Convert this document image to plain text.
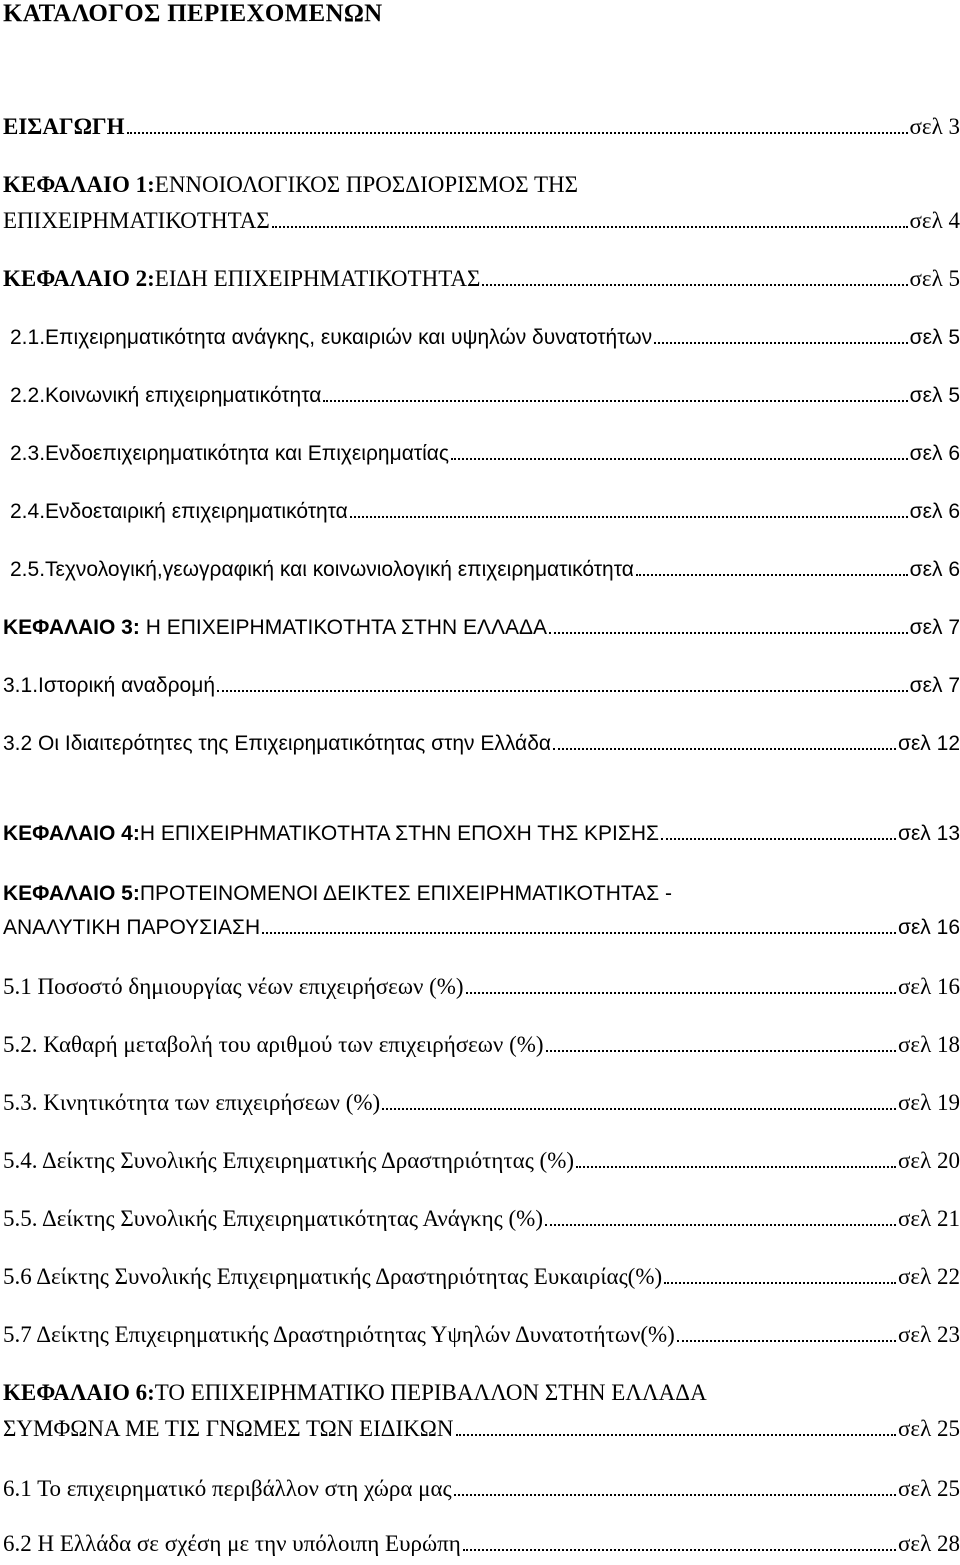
ΚΑΤΑΛΟΓΟΣ ΠΕΡΙΕΧΟΜΕΝΩΝ
ΕΙΣΑΓΩΓΗ	σελ 3
ΚΕΦΑΛΑΙΟ 1:ΕΝΝΟΙΟΛΟΓΙΚΟΣ ΠΡΟΣΔΙΟΡΙΣΜΟΣ ΤΗΣ
ΕΠΙΧΕΙΡΗΜΑΤΙΚΟΤΗΤΑΣ	σελ 4
ΚΕΦΑΛΑΙΟ 2:ΕΙΔΗ ΕΠΙΧΕΙΡΗΜΑΤΙΚΟΤΗΤΑΣ	σελ 5
2.1.Επιχειρηματικότητα ανάγκης, ευκαιριών και υψηλών δυνατοτήτων	σελ 5
2.2.Κοινωνική επιχειρηματικότητα	σελ 5
2.3.Ενδοεπιχειρηματικότητα και Επιχειρηματίας	σελ 6
2.4.Ενδοεταιρική επιχειρηματικότητα	σελ 6
2.5.Τεχνολογική,γεωγραφική και κοινωνιολογική επιχειρηματικότητα	σελ 6
ΚΕΦΑΛΑΙΟ 3: Η ΕΠΙΧΕΙΡΗΜΑΤΙΚΟΤΗΤΑ ΣΤΗΝ ΕΛΛΑΔΑ	σελ 7
3.1.Ιστορική αναδρομή	σελ 7
3.2 Οι Ιδιαιτερότητες της Επιχειρηματικότητας στην Ελλάδα	σελ 12
ΚΕΦΑΛΑΙΟ 4:Η ΕΠΙΧΕΙΡΗΜΑΤΙΚΟΤΗΤΑ ΣΤΗΝ ΕΠΟΧΗ ΤΗΣ ΚΡΙΣΗΣ	σελ 13
ΚΕΦΑΛΑΙΟ 5:ΠΡΟΤΕΙΝΟΜΕΝΟΙ ΔΕΙΚΤΕΣ ΕΠΙΧΕΙΡΗΜΑΤΙΚΟΤΗΤΑΣ -
ΑΝΑΛΥΤΙΚΗ ΠΑΡΟΥΣΙΑΣΗ	σελ 16
5.1 Ποσοστό δημιουργίας νέων επιχειρήσεων (%)	σελ 16
5.2. Καθαρή μεταβολή του αριθμού των επιχειρήσεων (%)	σελ 18
5.3. Κινητικότητα των επιχειρήσεων (%)	σελ 19
5.4. Δείκτης Συνολικής Επιχειρηματικής Δραστηριότητας (%)	σελ 20
5.5. Δείκτης Συνολικής Επιχειρηματικότητας Ανάγκης (%)	σελ 21
5.6 Δείκτης Συνολικής Επιχειρηματικής Δραστηριότητας Ευκαιρίας(%)	σελ 22
5.7 Δείκτης Επιχειρηματικής Δραστηριότητας Υψηλών Δυνατοτήτων(%)	σελ 23
ΚΕΦΑΛΑΙΟ 6:ΤΟ ΕΠΙΧΕΙΡΗΜΑΤΙΚΟ ΠΕΡΙΒΑΛΛΟΝ ΣΤΗΝ ΕΛΛΑΔΑ
ΣΥΜΦΩΝΑ ΜΕ ΤΙΣ ΓΝΩΜΕΣ ΤΩΝ ΕΙΔΙΚΩΝ	σελ 25
6.1 Το επιχειρηματικό περιβάλλον στη χώρα μας	σελ 25
6.2 Η Ελλάδα σε σχέση με την υπόλοιπη Ευρώπη	σελ 28
